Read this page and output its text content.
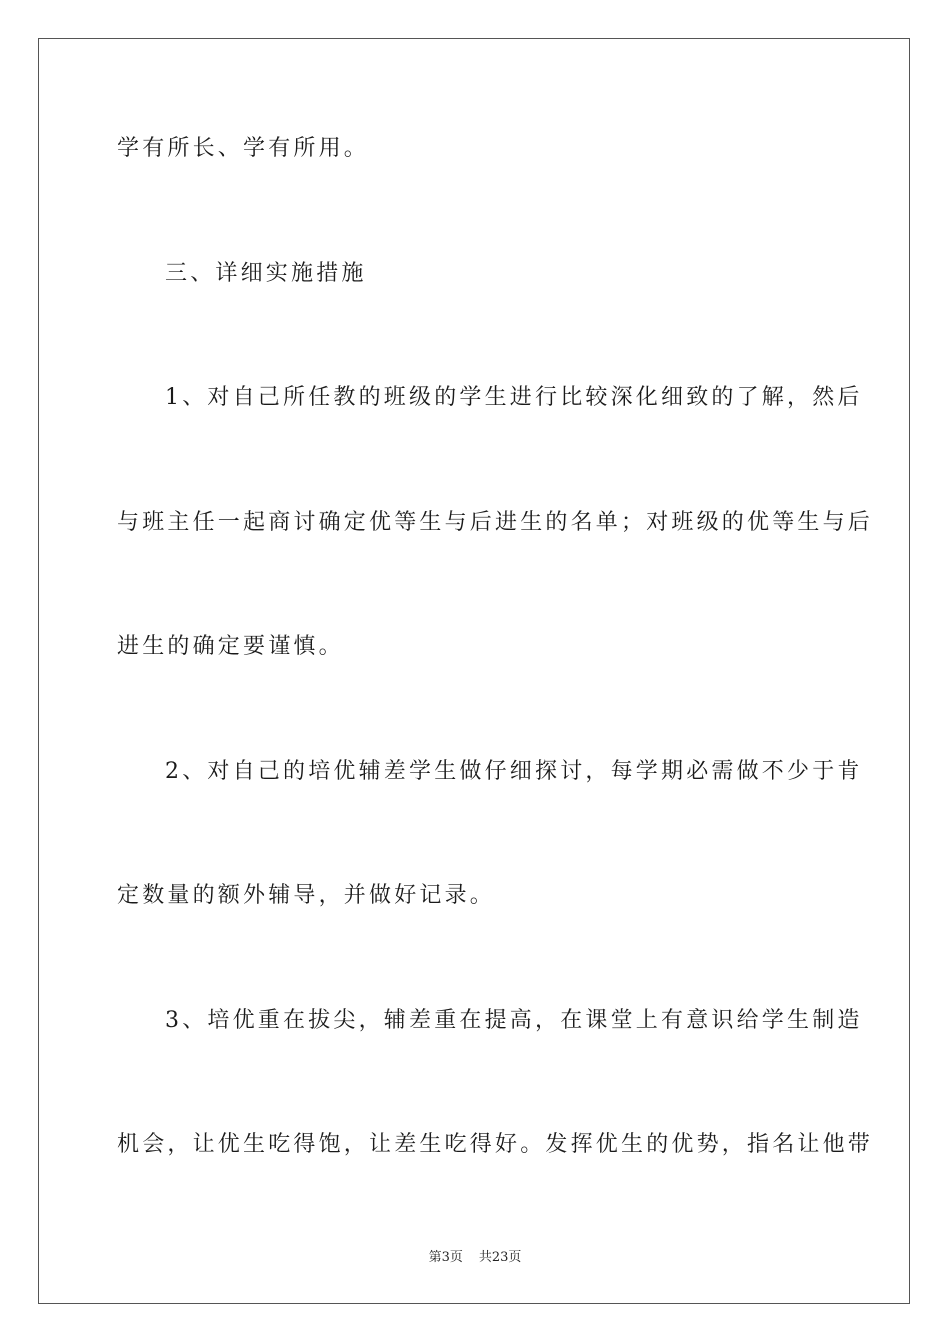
学有所长、学有所用。
三、详细实施措施
1、对自己所任教的班级的学生进行比较深化细致的了解，然后
与班主任一起商讨确定优等生与后进生的名单；对班级的优等生与后
进生的确定要谨慎。
2、对自己的培优辅差学生做仔细探讨，每学期必需做不少于肯
定数量的额外辅导，并做好记录。
3、培优重在拔尖，辅差重在提高，在课堂上有意识给学生制造
机会，让优生吃得饱，让差生吃得好。发挥优生的优势，指名让他带
第3页 共23页
